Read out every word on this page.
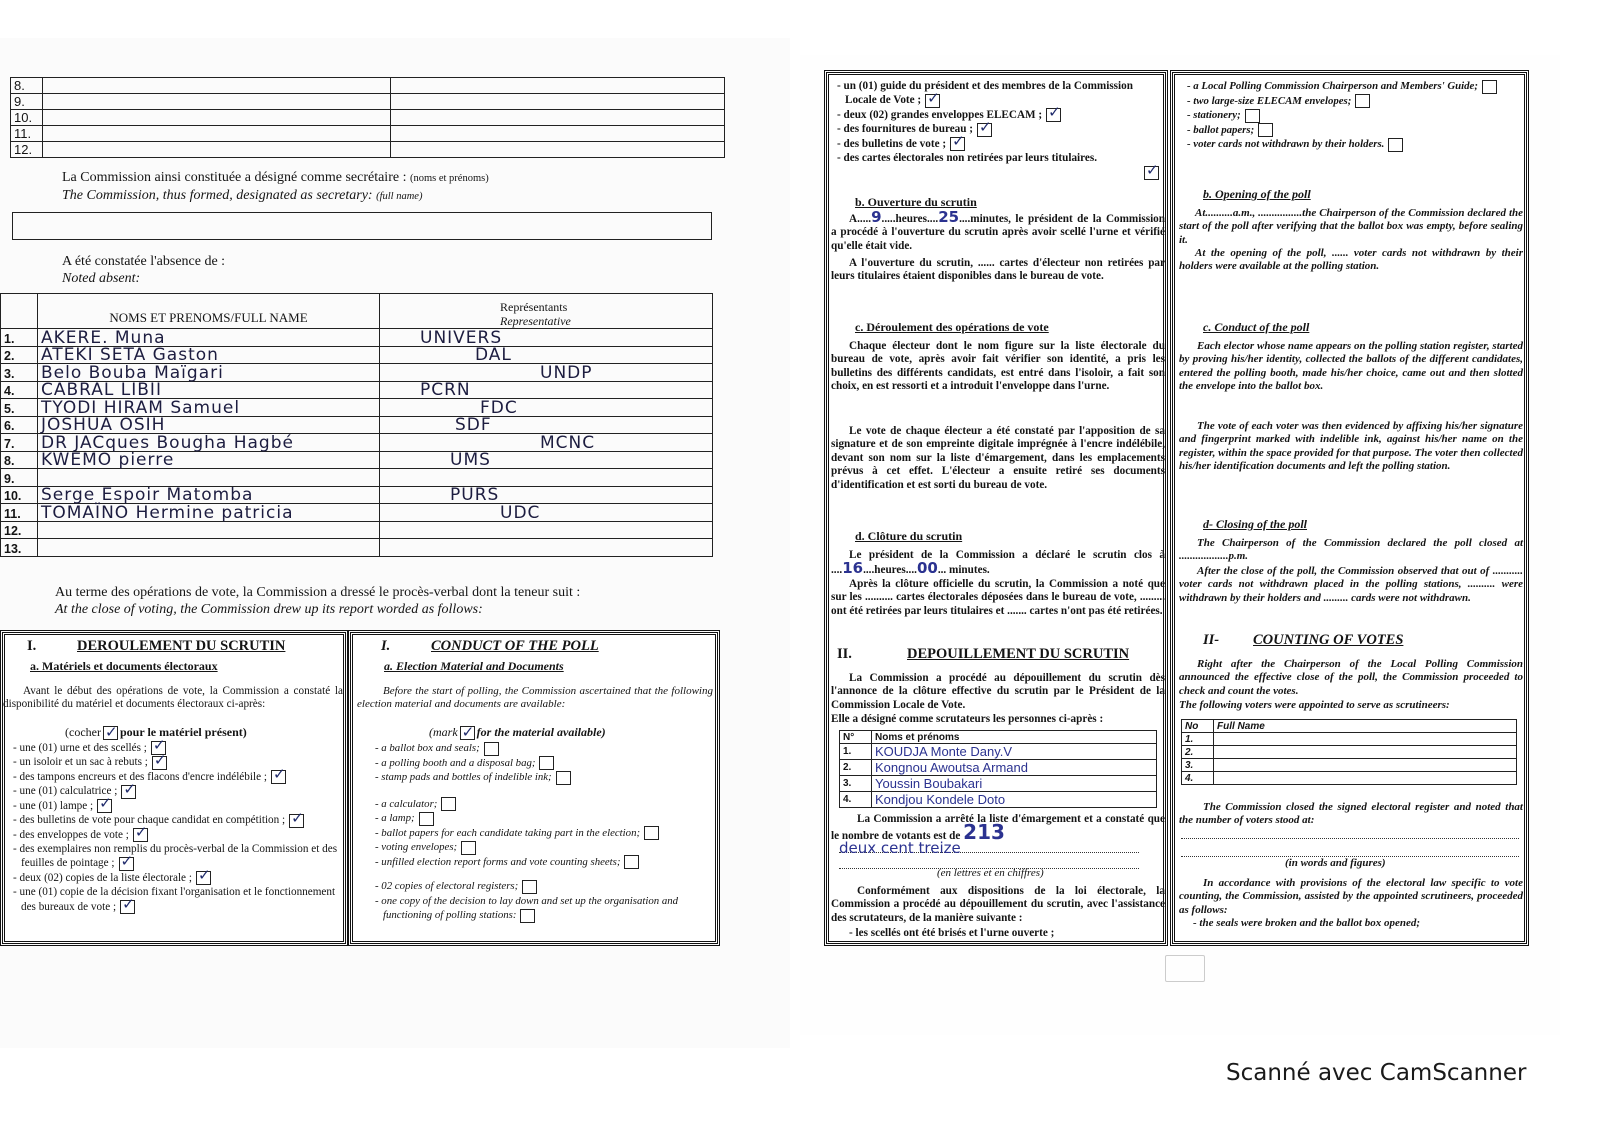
8.		
9.		
10.		
11.		
12.		
La Commission ainsi constituée a désigné comme secrétaire : (noms et prénoms)
The Commission, thus formed, designated as secretary: (full name)
A été constatée l'absence de :
Noted absent:
	NOMS ET PRENOMS/FULL NAME	Représentants
Representative

1.	AKERE. Muna	UNIVERS
2.	ATEKI SETA Gaston	DAL
3.	Belo Bouba Maïgari	UNDP
4.	CABRAL LIBII	PCRN
5.	TYODI HIRAM Samuel	FDC
6.	JOSHUA OSIH	SDF
7.	DR JACques Bougha Hagbé	MCNC
8.	KWEMO pierre	UMS
9.		
10.	Serge Espoir Matomba	PURS
11.	TOMAÏNO Hermine patricia	UDC
12.		
13.		
Au terme des opérations de vote, la Commission a dressé le procès-verbal dont la teneur suit :
At the close of voting, the Commission drew up its report worded as follows:
I.	DEROULEMENT DU SCRUTIN
a. Matériels et documents électoraux
Avant le début des opérations de vote, la Commission a constaté la disponibilité du matériel et documents électoraux ci-après:
(cocher ✓ pour le matériel présent)
- une (01) urne et des scellés ;✓
- un isoloir et un sac à rebuts ;✓
- des tampons encreurs et des flacons d'encre indélébile ;✓
- une (01) calculatrice ;✓
- une (01) lampe ;✓
- des bulletins de vote pour chaque candidat en compétition ;✓
- des enveloppes de vote ;✓
- des exemplaires non remplis du procès-verbal de la Commission et des feuilles de pointage ;✓
- deux (02) copies de la liste électorale ;✓
- une (01) copie de la décision fixant l'organisation et le fonctionnement des bureaux de vote ;✓
I.	CONDUCT OF THE POLL
a. Election Material and Documents
Before the start of polling, the Commission ascertained that the following election material and documents are available:
(mark ✓ for the material available)
- a ballot box and seals;
- a polling booth and a disposal bag;
- stamp pads and bottles of indelible ink;
- a calculator;
- a lamp;
- ballot papers for each candidate taking part in the election;
- voting envelopes;
- unfilled election report forms and vote counting sheets;
- 02 copies of electoral registers;
- one copy of the decision to lay down and set up the organisation and functioning of polling stations:
- un (01) guide du président et des membres de la Commission Locale de Vote ;✓
- deux (02) grandes enveloppes ELECAM ;✓
- des fournitures de bureau ;✓
- des bulletins de vote ;✓
- des cartes électorales non retirées par leurs titulaires.
✓
b. Ouverture du scrutin
A.....9.....heures....25....minutes, le président de la Commission a procédé à l'ouverture du scrutin après avoir scellé l'urne et vérifié qu'elle était vide.
A l'ouverture du scrutin, ...... cartes d'électeur non retirées par leurs titulaires étaient disponibles dans le bureau de vote.
c. Déroulement des opérations de vote
Chaque électeur dont le nom figure sur la liste électorale du bureau de vote, après avoir fait vérifier son identité, a pris les bulletins des différents candidats, est entré dans l'isoloir, a fait son choix, en est ressorti et a introduit l'enveloppe dans l'urne.
Le vote de chaque électeur a été constaté par l'apposition de sa signature et de son empreinte digitale imprégnée à l'encre indélébile, devant son nom sur la liste d'émargement, dans les emplacements prévus à cet effet. L'électeur a ensuite retiré ses documents d'identification et est sorti du bureau de vote.
d. Clôture du scrutin
Le président de la Commission a déclaré le scrutin clos à ....16....heures....00... minutes.
Après la clôture officielle du scrutin, la Commission a noté que sur les .......... cartes électorales déposées dans le bureau de vote, ......... ont été retirées par leurs titulaires et ....... cartes n'ont pas été retirées.
II.	DEPOUILLEMENT DU SCRUTIN
La Commission a procédé au dépouillement du scrutin dès l'annonce de la clôture effective du scrutin par le Président de la Commission Locale de Vote.
Elle a désigné comme scrutateurs les personnes ci-après :
N°	Noms et prénoms
1.	KOUDJA Monte Dany.V
2.	Kongnou Awoutsa Armand
3.	Youssin Boubakari
4.	Kondjou Kondele Doto
La Commission a arrêté la liste d'émargement et a constaté que le nombre de votants est de 213
deux cent treize
(en lettres et en chiffres)
Conformément aux dispositions de la loi électorale, la Commission a procédé au dépouillement du scrutin, avec l'assistance des scrutateurs, de la manière suivante :
- les scellés ont été brisés et l'urne ouverte ;
- a Local Polling Commission Chairperson and Members' Guide;
- two large-size ELECAM envelopes;
- stationery;
- ballot papers;
- voter cards not withdrawn by their holders.
b. Opening of the poll
At..........a.m., ................the Chairperson of the Commission declared the start of the poll after verifying that the ballot box was empty, before sealing it.
At the opening of the poll, ...... voter cards not withdrawn by their holders were available at the polling station.
c. Conduct of the poll
Each elector whose name appears on the polling station register, started by proving his/her identity, collected the ballots of the different candidates, entered the polling booth, made his/her choice, came out and then slotted the envelope into the ballot box.
The vote of each voter was then evidenced by affixing his/her signature and fingerprint marked with indelible ink, against his/her name on the register, within the space provided for that purpose. The voter then collected his/her identification documents and left the polling station.
d- Closing of the poll
The Chairperson of the Commission declared the poll closed at ..................p.m.
After the close of the poll, the Commission observed that out of ........... voter cards not withdrawn placed in the polling stations, .......... were withdrawn by their holders and ......... cards were not withdrawn.
II- COUNTING OF VOTES
Right after the Chairperson of the Local Polling Commission announced the effective close of the poll, the Commission proceeded to check and count the votes.
The following voters were appointed to serve as scrutineers:
No	Full Name
1.	
2.	
3.	
4.	
The Commission closed the signed electoral register and noted that the number of voters stood at:
(in words and figures)
In accordance with provisions of the electoral law specific to vote counting, the Commission, assisted by the appointed scrutineers, proceeded as follows:
- the seals were broken and the ballot box opened;
Scanné avec CamScanner
